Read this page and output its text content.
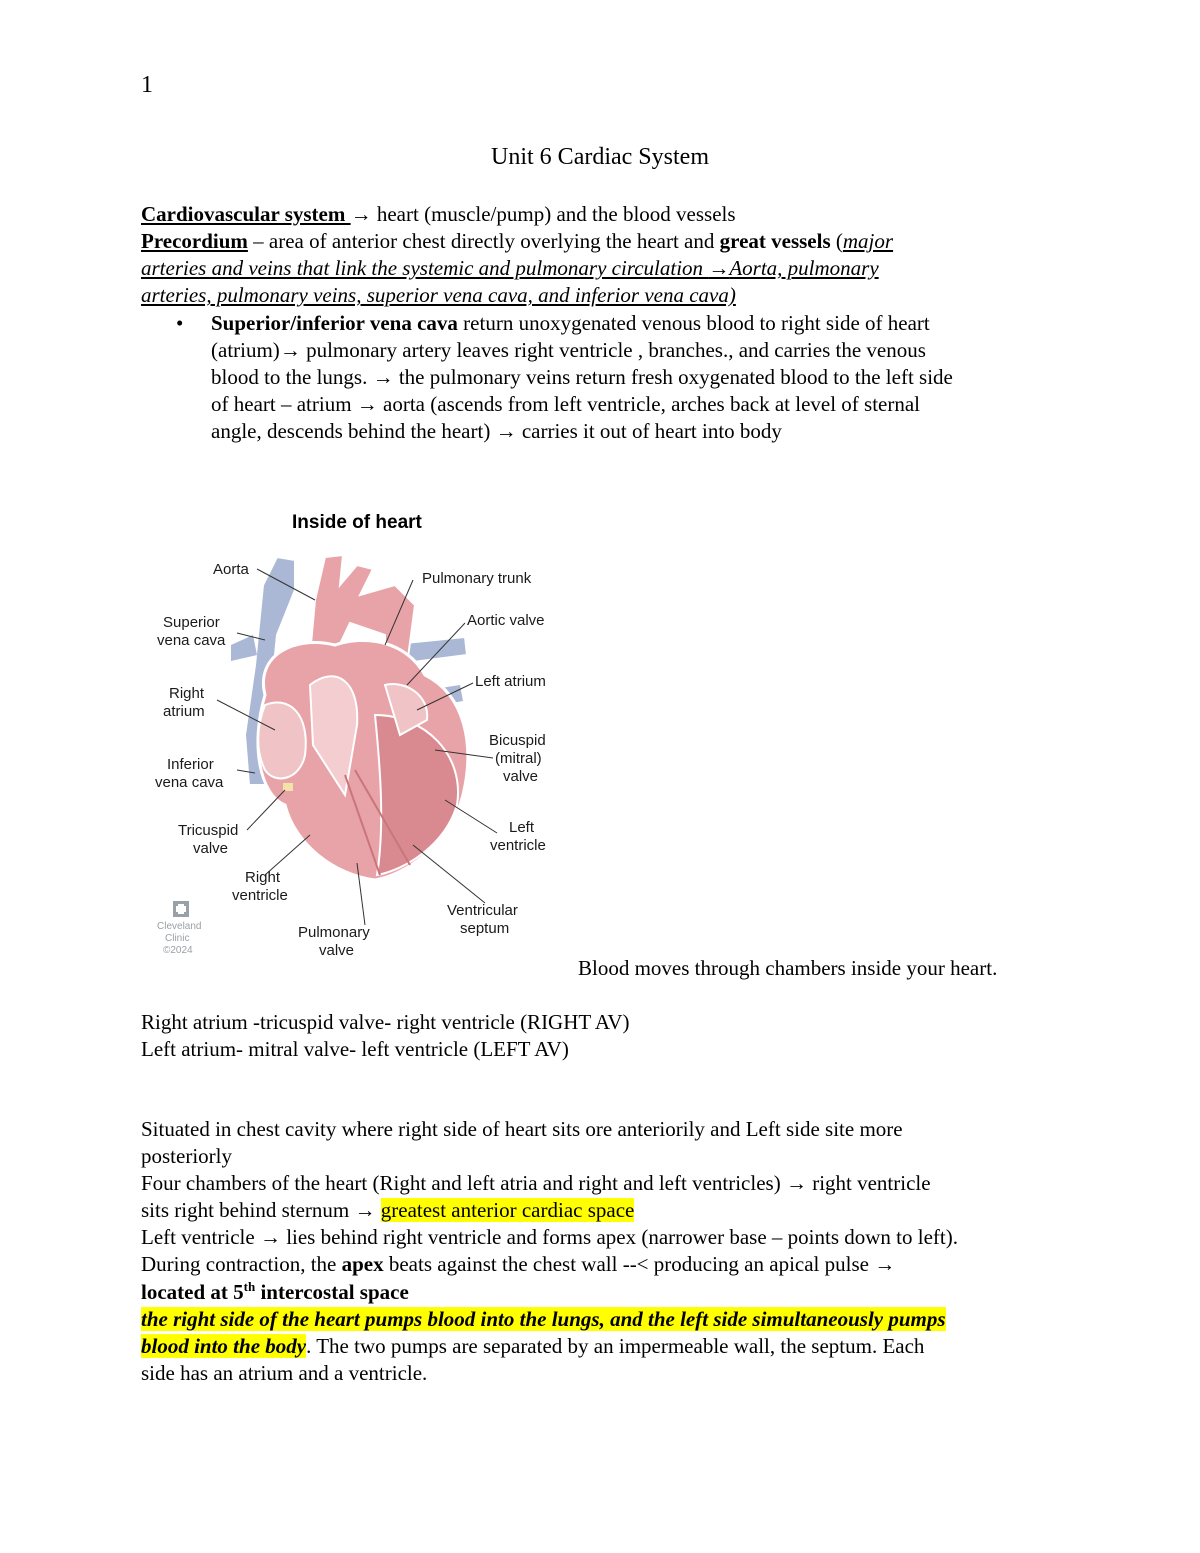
1
Unit 6 Cardiac System
Cardiovascular system → heart (muscle/pump) and the blood vessels
Precordium – area of anterior chest directly overlying the heart and great vessels (major
arteries and veins that link the systemic and pulmonary circulation →Aorta, pulmonary
arteries, pulmonary veins, superior vena cava, and inferior vena cava)
• Superior/inferior vena cava return unoxygenated venous blood to right side of heart
(atrium)→ pulmonary artery leaves right ventricle , branches., and carries the venous
blood to the lungs. → the pulmonary veins return fresh oxygenated blood to the left side
of heart – atrium → aorta (ascends from left ventricle, arches back at level of sternal
angle, descends behind the heart) → carries it out of heart into body
Inside of heart
Aorta
Pulmonary trunk
Superior
vena cava
Aortic valve
Right
atrium
Left atrium
Bicuspid
(mitral)
valve
Inferior
vena cava
Tricuspid
valve
Left
ventricle
Right
ventricle
Ventricular
septum
Pulmonary
valve
Cleveland
Clinic
©2024
Blood moves through chambers inside your heart.
Right atrium -tricuspid valve- right ventricle (RIGHT AV)
Left atrium- mitral valve- left ventricle (LEFT AV)
Situated in chest cavity where right side of heart sits ore anteriorily and Left side site more
posteriorly
Four chambers of the heart (Right and left atria and right and left ventricles) → right ventricle
sits right behind sternum → greatest anterior cardiac space
Left ventricle → lies behind right ventricle and forms apex (narrower base – points down to left).
During contraction, the apex beats against the chest wall --< producing an apical pulse →
located at 5th intercostal space
the right side of the heart pumps blood into the lungs, and the left side simultaneously pumps
blood into the body. The two pumps are separated by an impermeable wall, the septum. Each
side has an atrium and a ventricle.
